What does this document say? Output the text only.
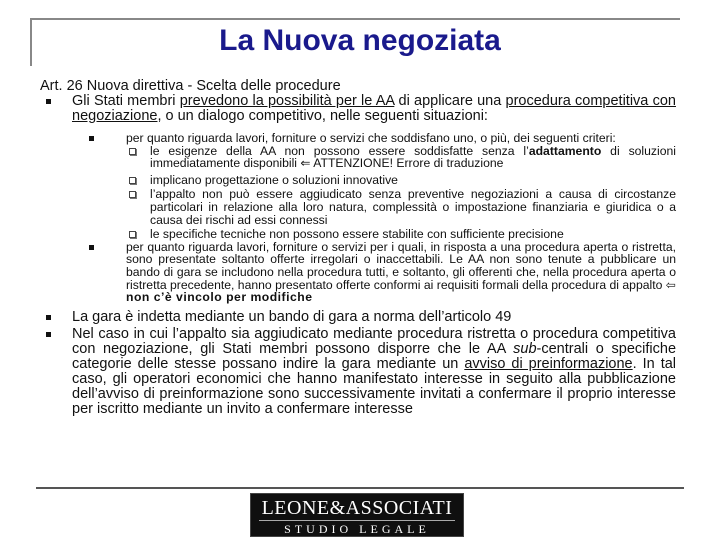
La Nuova negoziata
Art. 26 Nuova direttiva - Scelta delle procedure
Gli Stati membri prevedono la possibilità per le AA di applicare una procedura competitiva con negoziazione, o un dialogo competitivo, nelle seguenti situazioni:
per quanto riguarda lavori, forniture o servizi che soddisfano uno, o più, dei seguenti criteri:
le esigenze della AA non possono essere soddisfatte senza l’adattamento di soluzioni immediatamente disponibili ⇐ ATTENZIONE! Errore di traduzione
implicano progettazione o soluzioni innovative
l’appalto non può essere aggiudicato senza preventive negoziazioni a causa di circostanze particolari in relazione alla loro natura, complessità o impostazione finanziaria e giuridica o a causa dei rischi ad essi connessi
le specifiche tecniche non possono essere stabilite con sufficiente precisione
per quanto riguarda lavori, forniture o servizi per i quali, in risposta a una procedura aperta o ristretta, sono presentate soltanto offerte irregolari o inaccettabili. Le AA non sono tenute a pubblicare un bando di gara se includono nella procedura tutti, e soltanto, gli offerenti che, nella procedura aperta o ristretta precedente, hanno presentato offerte conformi ai requisiti formali della procedura di appalto ⇦ non c’è vincolo per modifiche
La gara è indetta mediante un bando di gara a norma dell’articolo 49
Nel caso in cui l’appalto sia aggiudicato mediante procedura ristretta o procedura competitiva con negoziazione, gli Stati membri possono disporre che le AA sub-centrali o specifiche categorie delle stesse possano indire la gara mediante un avviso di preinformazione. In tal caso, gli operatori economici che hanno manifestato interesse in seguito alla pubblicazione dell’avviso di preinformazione sono successivamente invitati a confermare il proprio interesse per iscritto mediante un invito a confermare interesse
LEONE&ASSOCIATI
STUDIO LEGALE
